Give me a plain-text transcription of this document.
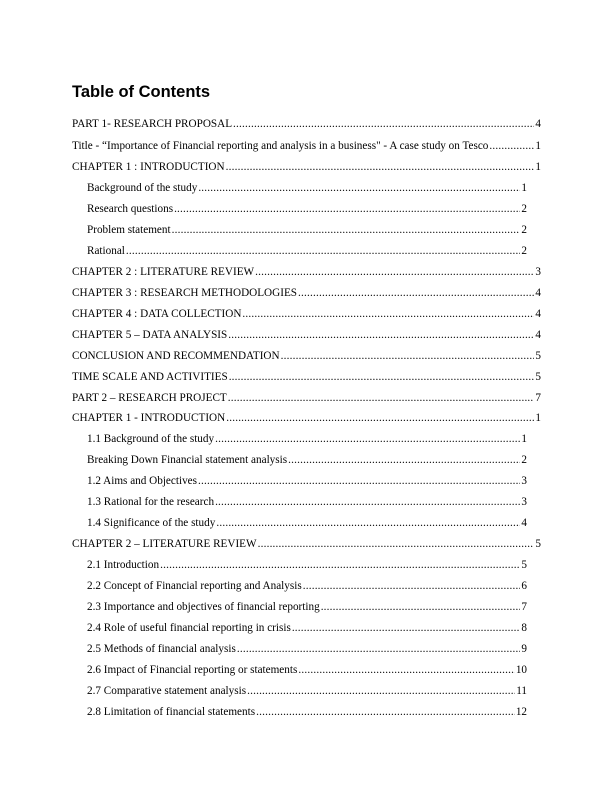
Table of Contents
PART 1- RESEARCH PROPOSAL .....	4
Title - “Importance of Financial reporting and analysis in a business" - A case study on Tesco .....	1
CHAPTER 1 : INTRODUCTION .....	1
Background of the study .....	1
Research questions .....	2
Problem statement .....	2
Rational .....	2
CHAPTER 2 : LITERATURE REVIEW .....	3
CHAPTER 3 : RESEARCH METHODOLOGIES .....	4
CHAPTER 4 : DATA COLLECTION .....	4
CHAPTER 5 – DATA ANALYSIS .....	4
CONCLUSION AND RECOMMENDATION .....	5
TIME SCALE AND ACTIVITIES .....	5
PART 2 – RESEARCH PROJECT .....	7
CHAPTER 1 - INTRODUCTION .....	1
1.1 Background of the study .....	1
Breaking Down Financial statement analysis .....	2
1.2 Aims and Objectives .....	3
1.3 Rational for the research .....	3
1.4 Significance of the study .....	4
CHAPTER 2 – LITERATURE REVIEW .....	5
2.1 Introduction .....	5
2.2 Concept of Financial reporting and Analysis .....	6
2.3 Importance and objectives of financial reporting .....	7
2.4 Role of useful financial reporting in crisis .....	8
2.5 Methods of financial analysis .....	9
2.6 Impact of Financial reporting or statements .....	10
2.7 Comparative statement analysis .....	11
2.8 Limitation of financial statements .....	12
